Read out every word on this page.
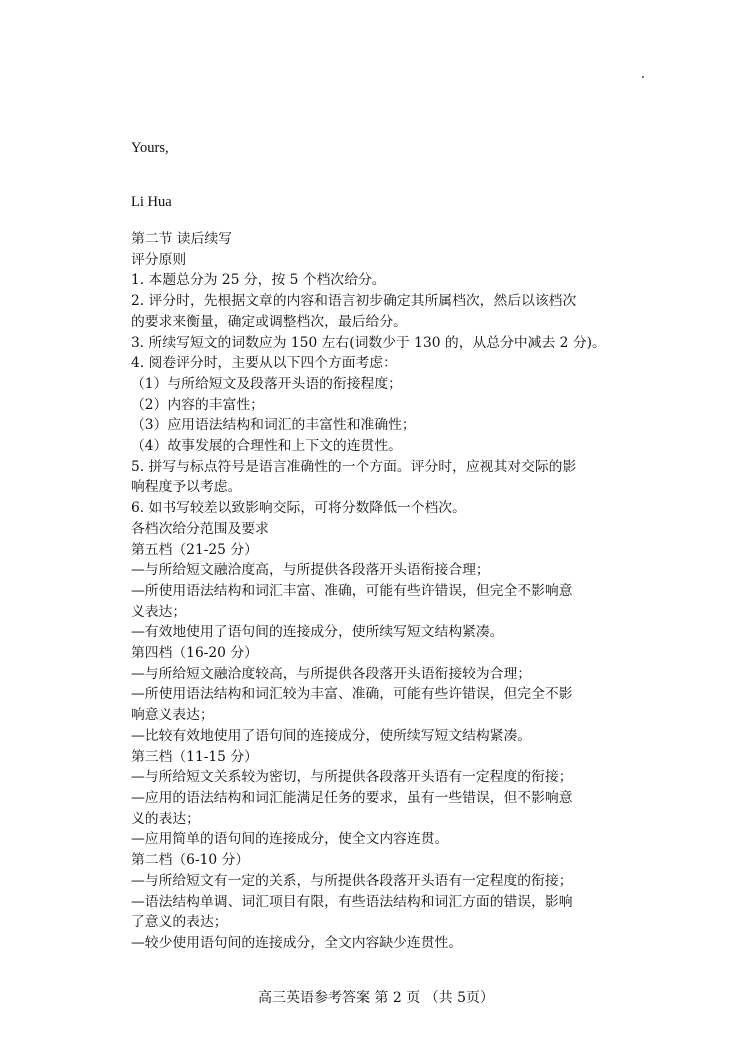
Yours,
Li Hua
第二节 读后续写
评分原则
1. 本题总分为 25 分，按 5 个档次给分。
2. 评分时，先根据文章的内容和语言初步确定其所属档次，然后以该档次
的要求来衡量，确定或调整档次，最后给分。
3. 所续写短文的词数应为 150 左右(词数少于 130 的，从总分中减去 2 分)。
4. 阅卷评分时，主要从以下四个方面考虑：
（1）与所给短文及段落开头语的衔接程度；
（2）内容的丰富性；
（3）应用语法结构和词汇的丰富性和准确性；
（4）故事发展的合理性和上下文的连贯性。
5. 拼写与标点符号是语言准确性的一个方面。评分时，应视其对交际的影
响程度予以考虑。
6. 如书写较差以致影响交际，可将分数降低一个档次。
各档次给分范围及要求
第五档（21-25 分）
—与所给短文融洽度高，与所提供各段落开头语衔接合理；
—所使用语法结构和词汇丰富、准确，可能有些许错误，但完全不影响意
义表达；
—有效地使用了语句间的连接成分，使所续写短文结构紧凑。
第四档（16-20 分）
—与所给短文融洽度较高，与所提供各段落开头语衔接较为合理；
—所使用语法结构和词汇较为丰富、准确，可能有些许错误，但完全不影
响意义表达；
—比较有效地使用了语句间的连接成分，使所续写短文结构紧凑。
第三档（11-15 分）
—与所给短文关系较为密切，与所提供各段落开头语有一定程度的衔接；
—应用的语法结构和词汇能满足任务的要求，虽有一些错误，但不影响意
义的表达；
—应用简单的语句间的连接成分，使全文内容连贯。
第二档（6-10 分）
—与所给短文有一定的关系，与所提供各段落开头语有一定程度的衔接；
—语法结构单调、词汇项目有限，有些语法结构和词汇方面的错误，影响
了意义的表达；
—较少使用语句间的连接成分，全文内容缺少连贯性。
高三英语参考答案 第 2 页 （共 5页）
